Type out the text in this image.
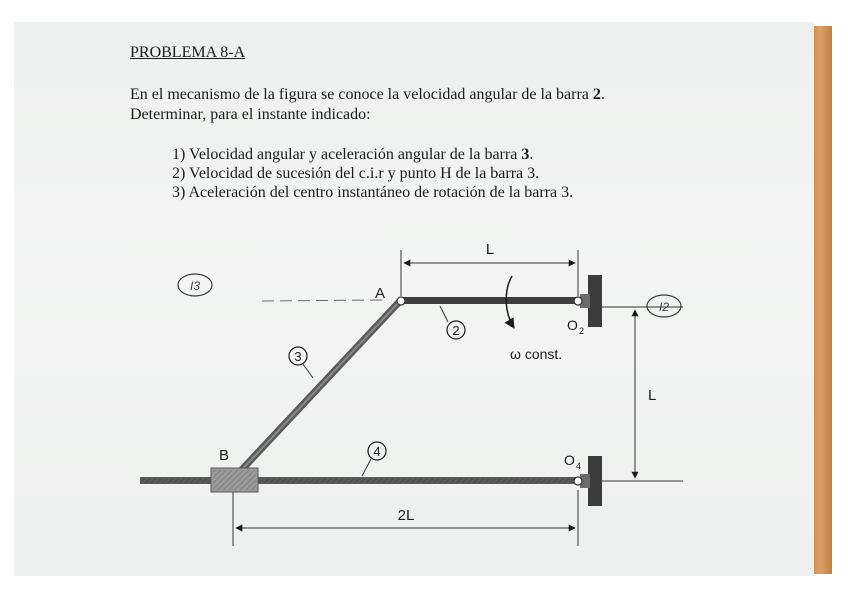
PROBLEMA 8-A
En el mecanismo de la figura se conoce la velocidad angular de la barra 2.
Determinar, para el instante indicado:
1) Velocidad angular y aceleración angular de la barra 3.
2) Velocidad de sucesión del c.i.r y punto H de la barra 3.
3) Aceleración del centro instantáneo de rotación de la barra 3.
L
L
2L
ω const.
A
B
O 2
O 4
2
3
4
I3
I2
